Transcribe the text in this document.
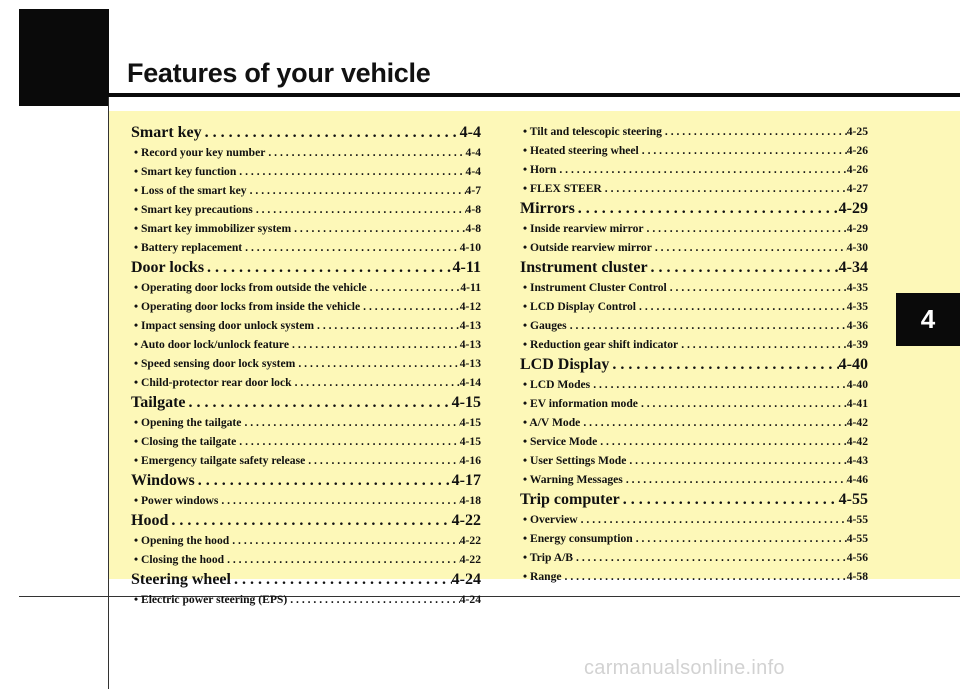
Features of your vehicle
4
Smart key . . .	4-4
• Record your key number . . .	4-4
• Smart key function . . .	4-4
• Loss of the smart key . . .	4-7
• Smart key precautions . . .	4-8
• Smart key immobilizer system . . .	4-8
• Battery replacement . . .	4-10
Door locks . . .	4-11
• Operating door locks from outside the vehicle . . .	4-11
• Operating door locks from inside the vehicle . . .	4-12
• Impact sensing door unlock system . . .	4-13
• Auto door lock/unlock feature . . .	4-13
• Speed sensing door lock system . . .	4-13
• Child-protector rear door lock . . .	4-14
Tailgate . . .	4-15
• Opening the tailgate . . .	4-15
• Closing the tailgate . . .	4-15
• Emergency tailgate safety release . . .	4-16
Windows . . .	4-17
• Power windows . . .	4-18
Hood . . .	4-22
• Opening the hood . . .	4-22
• Closing the hood . . .	4-22
Steering wheel . . .	4-24
• Electric power steering (EPS) . . .	4-24
• Tilt and telescopic steering . . .	4-25
• Heated steering wheel . . .	4-26
• Horn . . .	4-26
• FLEX STEER . . .	4-27
Mirrors . . .	4-29
• Inside rearview mirror . . .	4-29
• Outside rearview mirror . . .	4-30
Instrument cluster . . .	4-34
• Instrument Cluster Control . . .	4-35
• LCD Display Control . . .	4-35
• Gauges . . .	4-36
• Reduction gear shift indicator . . .	4-39
LCD Display . . .	4-40
• LCD Modes . . .	4-40
• EV information mode . . .	4-41
• A/V Mode . . .	4-42
• Service Mode . . .	4-42
• User Settings Mode . . .	4-43
• Warning Messages . . .	4-46
Trip computer . . .	4-55
• Overview . . .	4-55
• Energy consumption . . .	4-55
• Trip A/B . . .	4-56
• Range . . .	4-58
carmanualsonline.info
